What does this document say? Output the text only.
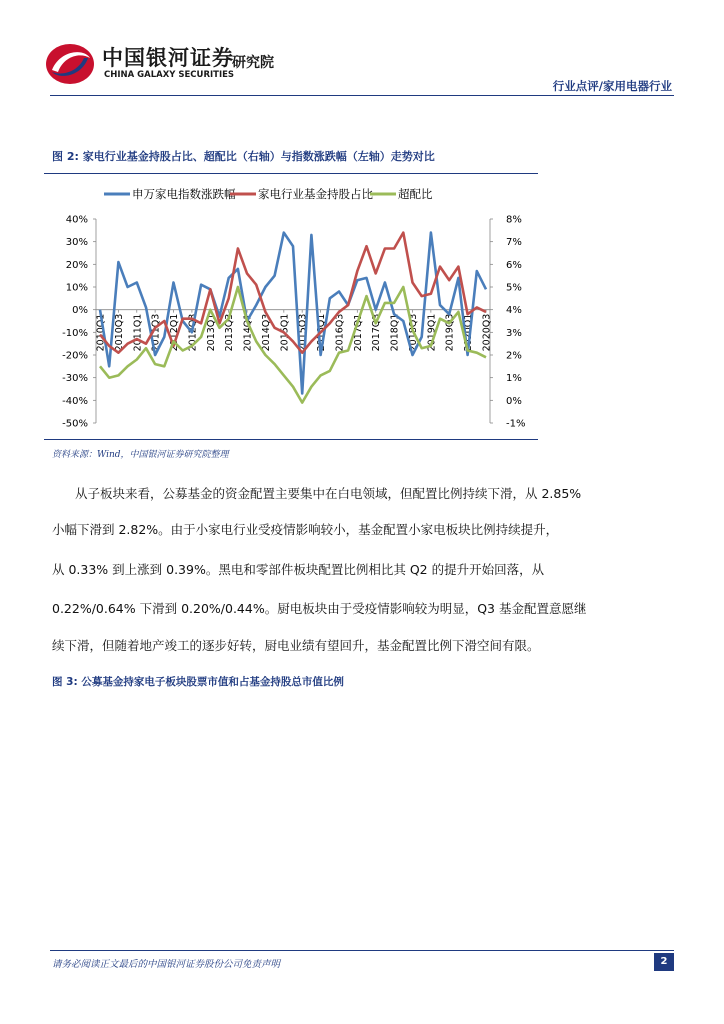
中国银河证券
CHINA GALAXY SECURITIES
研究院
行业点评/家用电器行业
图 2: 家电行业基金持股占比、超配比（右轴）与指数涨跌幅（左轴）走势对比
40%
30%
20%
10%
0%
-10%
-20%
-30%
-40%
-50%
8%
7%
6%
5%
4%
3%
2%
1%
0%
-1%
2010Q1 2010Q3 2011Q1 2011Q3 2012Q1 2012Q3 2013Q1 2013Q3 2014Q1 2014Q3 2015Q1 2015Q3 2016Q1 2016Q3 2017Q1 2017Q3 2018Q1 2018Q3 2019Q1 2019Q3 2020Q1 2020Q3
申万家电指数涨跌幅 家电行业基金持股占比 超配比
资料来源：Wind，中国银河证券研究院整理
从子板块来看，公募基金的资金配置主要集中在白电领域，但配置比例持续下滑，从 2.85%
小幅下滑到 2.82%。由于小家电行业受疫情影响较小，基金配置小家电板块比例持续提升，
从 0.33% 到上涨到 0.39%。黑电和零部件板块配置比例相比其 Q2 的提升开始回落，从
0.22%/0.64% 下滑到 0.20%/0.44%。厨电板块由于受疫情影响较为明显，Q3 基金配置意愿继
续下滑，但随着地产竣工的逐步好转，厨电业绩有望回升，基金配置比例下滑空间有限。
图 3: 公募基金持家电子板块股票市值和占基金持股总市值比例
请务必阅读正文最后的中国银河证券股份公司免责声明	2
